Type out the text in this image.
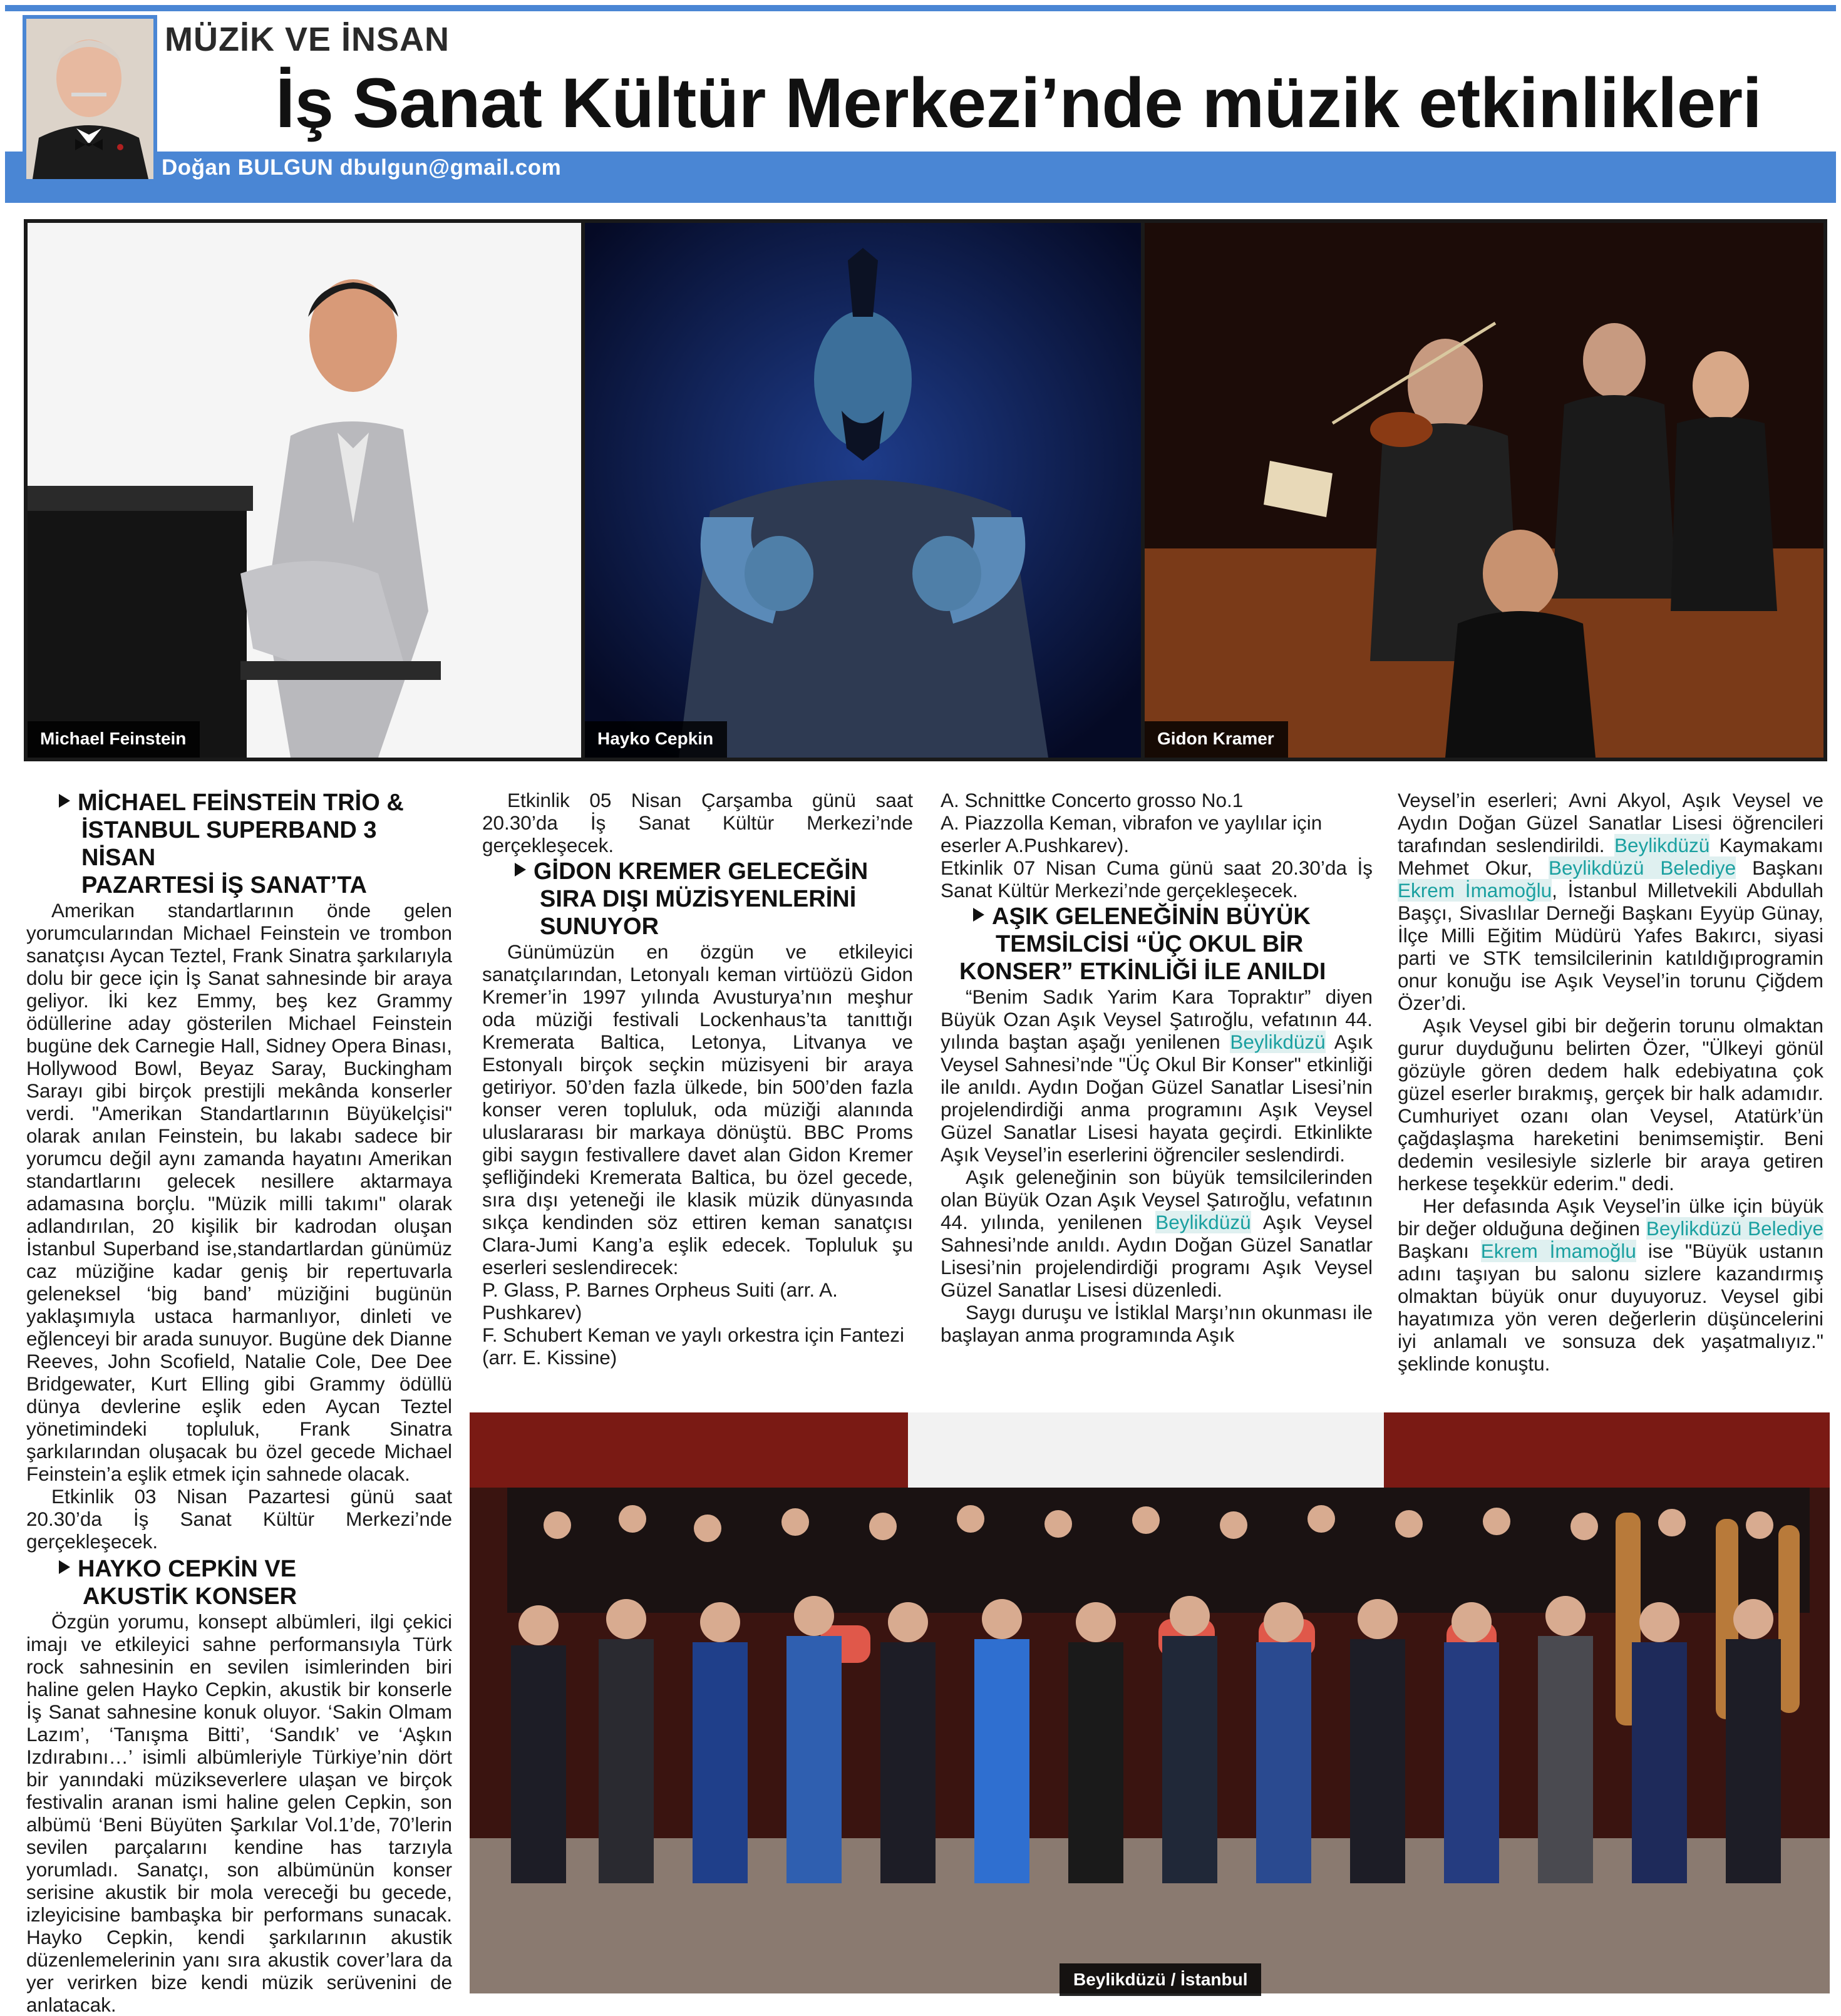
Doğan BULGUN dbulgun@gmail.com
MÜZİK VE İNSAN
İş Sanat Kültür Merkezi’nde müzik etkinlikleri
Michael Feinstein	Hayko Cepkin	Gidon Kramer
MİCHAEL FEİNSTEİN TRİO &
İSTANBUL SUPERBAND 3 NİSAN
PAZARTESİ İŞ SANAT’TA

Amerikan standartlarının önde gelen yorumcularından Michael Feinstein ve trombon sanatçısı Aycan Teztel, Frank Sinatra şarkılarıyla dolu bir gece için İş Sanat sahnesinde bir araya geliyor. İki kez Emmy, beş kez Grammy ödüllerine aday gösterilen Michael Feinstein bugüne dek Carnegie Hall, Sidney Opera Binası, Hollywood Bowl, Beyaz Saray, Buckingham Sarayı gibi birçok prestijli mekânda konserler verdi. "Amerikan Standartlarının Büyükelçisi" olarak anılan Feinstein, bu lakabı sadece bir yorumcu değil aynı zamanda hayatını Amerikan standartlarını gelecek nesillere aktarmaya adamasına borçlu. "Müzik milli takımı" olarak adlandırılan, 20 kişilik bir kadrodan oluşan İstanbul Superband ise,standartlardan günümüz caz müziğine kadar geniş bir repertuvarla geleneksel ‘big band’ müziğini bugünün yaklaşımıyla ustaca harmanlıyor, dinleti ve eğlenceyi bir arada sunuyor. Bugüne dek Dianne Reeves, John Scofield, Natalie Cole, Dee Dee Bridgewater, Kurt Elling gibi Grammy ödüllü dünya devlerine eşlik eden Aycan Teztel yönetimindeki topluluk, Frank Sinatra şarkılarından oluşacak bu özel gecede Michael Feinstein’a eşlik etmek için sahnede olacak.

Etkinlik 03 Nisan Pazartesi günü saat 20.30’da İş Sanat Kültür Merkezi’nde gerçekleşecek.

HAYKO CEPKİN VE
AKUSTİK KONSER

Özgün yorumu, konsept albümleri, ilgi çekici imajı ve etkileyici sahne performansıyla Türk rock sahnesinin en sevilen isimlerinden biri haline gelen Hayko Cepkin, akustik bir konserle İş Sanat sahnesine konuk oluyor. ‘Sakin Olmam Lazım’, ‘Tanışma Bitti’, ‘Sandık’ ve ‘Aşkın Izdırabını…’ isimli albümleriyle Türkiye’nin dört bir yanındaki müzikseverlere ulaşan ve birçok festivalin aranan ismi haline gelen Cepkin, son albümü ‘Beni Büyüten Şarkılar Vol.1’de, 70’lerin sevilen parçalarını kendine has tarzıyla yorumladı. Sanatçı, son albümünün konser serisine akustik bir mola vereceği bu gecede, izleyicisine bambaşka bir performans sunacak. Hayko Cepkin, kendi şarkılarının akustik düzenlemelerinin yanı sıra akustik cover’lara da yer verirken bize kendi müzik serüvenini de anlatacak.

Etkinlik 05 Nisan Çarşamba günü saat 20.30’da İş Sanat Kültür Merkezi’nde gerçekleşecek.

GİDON KREMER GELECEĞİN
SIRA DIŞI MÜZİSYENLERİNİ
SUNUYOR

Günümüzün en özgün ve etkileyici sanatçılarından, Letonyalı keman virtüözü Gidon Kremer’in 1997 yılında Avusturya’nın meşhur oda müziği festivali Lockenhaus’ta tanıttığı Kremerata Baltica, Letonya, Litvanya ve Estonyalı birçok seçkin müzisyeni bir araya getiriyor. 50’den fazla ülkede, bin 500’den fazla konser veren topluluk, oda müziği alanında uluslararası bir markaya dönüştü. BBC Proms gibi saygın festivallere davet alan Gidon Kremer şefliğindeki Kremerata Baltica, bu özel gecede, sıra dışı yeteneği ile klasik müzik dünyasında sıkça kendinden söz ettiren keman sanatçısı Clara-Jumi Kang’a eşlik edecek. Topluluk şu eserleri seslendirecek:

P. Glass, P. Barnes Orpheus Suiti (arr. A. Pushkarev)

F. Schubert Keman ve yaylı orkestra için Fantezi (arr. E. Kissine)

A. Schnittke Concerto grosso No.1

A. Piazzolla Keman, vibrafon ve yaylılar için eserler A.Pushkarev).

Etkinlik 07 Nisan Cuma günü saat 20.30’da İş Sanat Kültür Merkezi’nde gerçekleşecek.

AŞIK GELENEĞİNİN BÜYÜK
TEMSİLCİSİ “ÜÇ OKUL BİR
KONSER” ETKİNLİĞİ İLE ANILDI

“Benim Sadık Yarim Kara Topraktır” diyen Büyük Ozan Aşık Veysel Şatıroğlu, vefatının 44. yılında baştan aşağı yenilenen Beylikdüzü Aşık Veysel Sahnesi’nde "Üç Okul Bir Konser" etkinliği ile anıldı. Aydın Doğan Güzel Sanatlar Lisesi’nin projelendirdiği anma programını Aşık Veysel Güzel Sanatlar Lisesi hayata geçirdi. Etkinlikte Aşık Veysel’in eserlerini öğrenciler seslendirdi.

Aşık geleneğinin son büyük temsilcilerinden olan Büyük Ozan Aşık Veysel Şatıroğlu, vefatının 44. yılında, yenilenen Beylikdüzü Aşık Veysel Sahnesi’nde anıldı. Aydın Doğan Güzel Sanatlar Lisesi’nin projelendirdiği programı Aşık Veysel Güzel Sanatlar Lisesi düzenledi.

Saygı duruşu ve İstiklal Marşı’nın okunması ile başlayan anma programında Aşık

Veysel’in eserleri; Avni Akyol, Aşık Veysel ve Aydın Doğan Güzel Sanatlar Lisesi öğrencileri tarafından seslendirildi. Beylikdüzü Kaymakamı Mehmet Okur, Beylikdüzü Belediye Başkanı Ekrem İmamoğlu, İstanbul Milletvekili Abdullah Başçı, Sivaslılar Derneği Başkanı Eyyüp Günay, İlçe Milli Eğitim Müdürü Yafes Bakırcı, siyasi parti ve STK temsilcilerinin katıldığıprogramin onur konuğu ise Aşık Veysel’in torunu Çiğdem Özer’di.

Aşık Veysel gibi bir değerin torunu olmaktan gurur duyduğunu belirten Özer, "Ülkeyi gönül gözüyle gören dedem halk edebiyatına çok güzel eserler bırakmış, gerçek bir halk adamıdır. Cumhuriyet ozanı olan Veysel, Atatürk’ün çağdaşlaşma hareketini benimsemiştir. Beni dedemin vesilesiyle sizlerle bir araya getiren herkese teşekkür ederim." dedi.

Her defasında Aşık Veysel’in ülke için büyük bir değer olduğuna değinen Beylikdüzü Belediye Başkanı Ekrem İmamoğlu ise "Büyük ustanın adını taşıyan bu salonu sizlere kazandırmış olmaktan büyük onur duyuyoruz. Veysel gibi hayatımıza yön veren değerlerin düşüncelerini iyi anlamalı ve sonsuza dek yaşatmalıyız." şeklinde konuştu.

Beylikdüzü / İstanbul
